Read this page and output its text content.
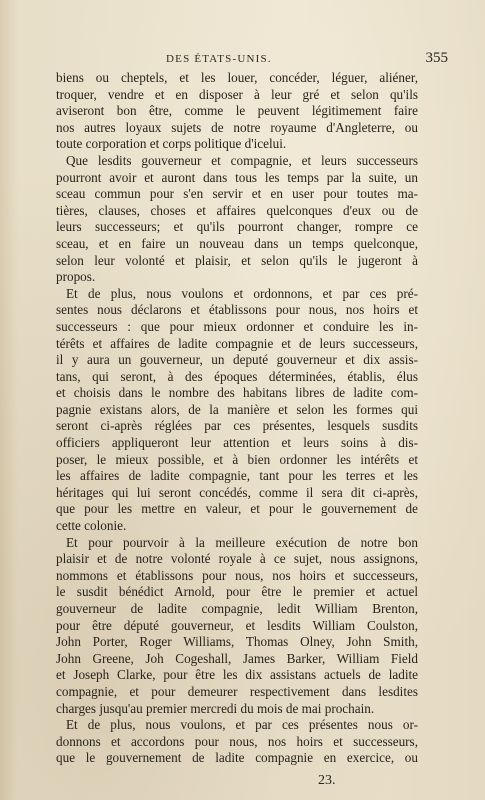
DES ÉTATS-UNIS.	355

biens ou cheptels, et les louer, concéder, léguer, aliéner,
troquer, vendre et en disposer à leur gré et selon qu'ils
aviseront bon être, comme le peuvent légitimement faire
nos autres loyaux sujets de notre royaume d'Angleterre, ou
toute corporation et corps politique d'icelui.

Que lesdits gouverneur et compagnie, et leurs successeurs
pourront avoir et auront dans tous les temps par la suite, un
sceau commun pour s'en servir et en user pour toutes ma-
tières, clauses, choses et affaires quelconques d'eux ou de
leurs successeurs; et qu'ils pourront changer, rompre ce
sceau, et en faire un nouveau dans un temps quelconque,
selon leur volonté et plaisir, et selon qu'ils le jugeront à
propos.

Et de plus, nous voulons et ordonnons, et par ces pré-
sentes nous déclarons et établissons pour nous, nos hoirs et
successeurs : que pour mieux ordonner et conduire les in-
térêts et affaires de ladite compagnie et de leurs successeurs,
il y aura un gouverneur, un deputé gouverneur et dix assis-
tans, qui seront, à des époques déterminées, établis, élus
et choisis dans le nombre des habitans libres de ladite com-
pagnie existans alors, de la manière et selon les formes qui
seront ci-après réglées par ces présentes, lesquels susdits
officiers appliqueront leur attention et leurs soins à dis-
poser, le mieux possible, et à bien ordonner les intérêts et
les affaires de ladite compagnie, tant pour les terres et les
héritages qui lui seront concédés, comme il sera dit ci-après,
que pour les mettre en valeur, et pour le gouvernement de
cette colonie.

Et pour pourvoir à la meilleure exécution de notre bon
plaisir et de notre volonté royale à ce sujet, nous assignons,
nommons et établissons pour nous, nos hoirs et successeurs,
le susdit bénédict Arnold, pour être le premier et actuel
gouverneur de ladite compagnie, ledit William Brenton,
pour être député gouverneur, et lesdits William Coulston,
John Porter, Roger Williams, Thomas Olney, John Smith,
John Greene, Joh Cogeshall, James Barker, William Field
et Joseph Clarke, pour être les dix assistans actuels de ladite
compagnie, et pour demeurer respectivement dans lesdites
charges jusqu'au premier mercredi du mois de mai prochain.

Et de plus, nous voulons, et par ces présentes nous or-
donnons et accordons pour nous, nos hoirs et successeurs,
que le gouvernement de ladite compagnie en exercice, ou

23.
